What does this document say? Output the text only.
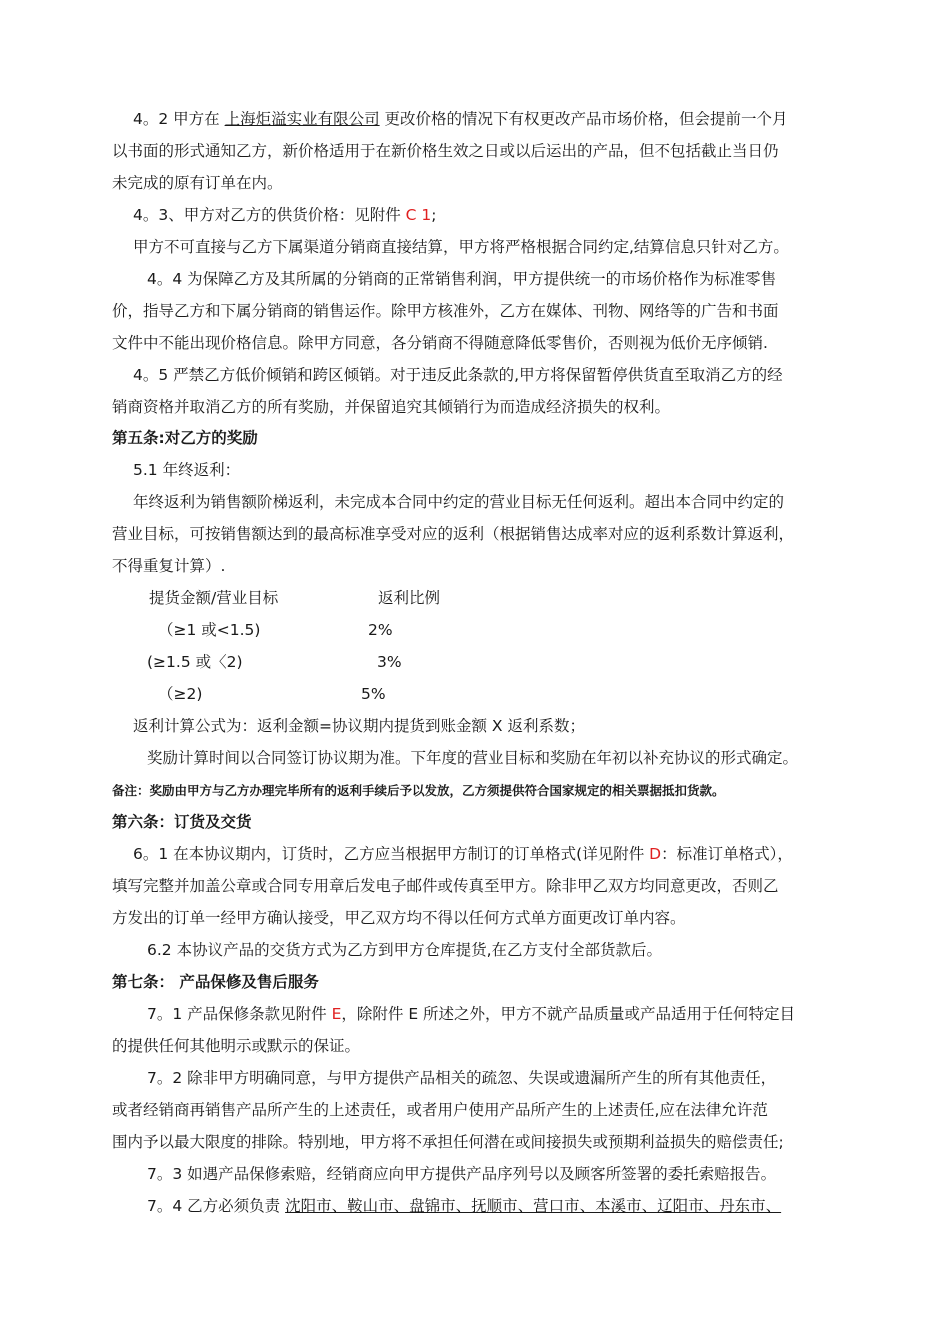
4。2 甲方在 上海炬溢实业有限公司 更改价格的情况下有权更改产品市场价格，但会提前一个月
以书面的形式通知乙方，新价格适用于在新价格生效之日或以后运出的产品，但不包括截止当日仍
未完成的原有订单在内。
4。3、甲方对乙方的供货价格：见附件 C 1;
甲方不可直接与乙方下属渠道分销商直接结算，甲方将严格根据合同约定,结算信息只针对乙方。
4。4 为保障乙方及其所属的分销商的正常销售利润，甲方提供统一的市场价格作为标准零售
价，指导乙方和下属分销商的销售运作。除甲方核准外，乙方在媒体、刊物、网络等的广告和书面
文件中不能出现价格信息。除甲方同意，各分销商不得随意降低零售价，否则视为低价无序倾销.
4。5 严禁乙方低价倾销和跨区倾销。对于违反此条款的,甲方将保留暂停供货直至取消乙方的经
销商资格并取消乙方的所有奖励，并保留追究其倾销行为而造成经济损失的权利。
第五条:对乙方的奖励
5.1 年终返利：
年终返利为销售额阶梯返利，未完成本合同中约定的营业目标无任何返利。超出本合同中约定的
营业目标，可按销售额达到的最高标准享受对应的返利（根据销售达成率对应的返利系数计算返利，
不得重复计算）.
提货金额/营业目标	返利比例
（≥1 或<1.5)	2%
(≥1.5 或〈2)	3%
（≥2)	5%
返利计算公式为：返利金额=协议期内提货到账金额 X 返利系数；
奖励计算时间以合同签订协议期为准。下年度的营业目标和奖励在年初以补充协议的形式确定。
备注：奖励由甲方与乙方办理完毕所有的返利手续后予以发放，乙方须提供符合国家规定的相关票据抵扣货款。
第六条：订货及交货
6。1 在本协议期内，订货时，乙方应当根据甲方制订的订单格式(详见附件 D：标准订单格式），
填写完整并加盖公章或合同专用章后发电子邮件或传真至甲方。除非甲乙双方均同意更改，否则乙
方发出的订单一经甲方确认接受，甲乙双方均不得以任何方式单方面更改订单内容。
6.2 本协议产品的交货方式为乙方到甲方仓库提货,在乙方支付全部货款后。
第七条： 产品保修及售后服务
7。1 产品保修条款见附件 E，除附件 E 所述之外，甲方不就产品质量或产品适用于任何特定目
的提供任何其他明示或默示的保证。
7。2 除非甲方明确同意，与甲方提供产品相关的疏忽、失误或遗漏所产生的所有其他责任，
或者经销商再销售产品所产生的上述责任，或者用户使用产品所产生的上述责任,应在法律允许范
围内予以最大限度的排除。特别地，甲方将不承担任何潜在或间接损失或预期利益损失的赔偿责任;
7。3 如遇产品保修索赔，经销商应向甲方提供产品序列号以及顾客所签署的委托索赔报告。
7。4 乙方必须负责 沈阳市、鞍山市、盘锦市、抚顺市、营口市、本溪市、辽阳市、丹东市、
